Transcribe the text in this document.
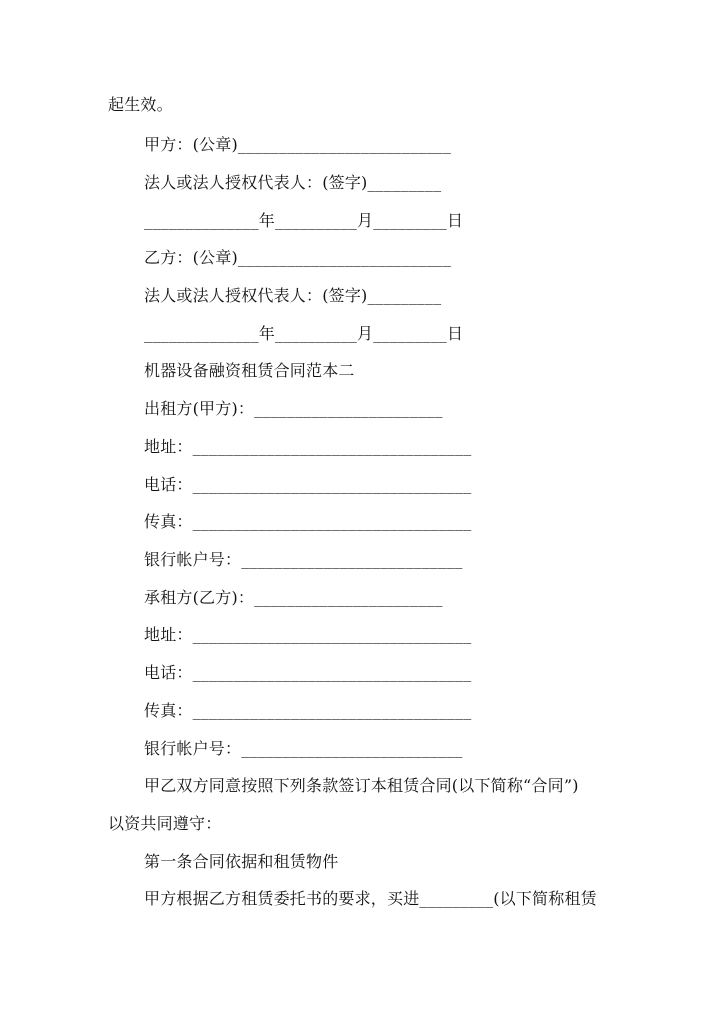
起生效。
甲方：(公章)__________________________
法人或法人授权代表人：(签字)_________
______________年__________月_________日
乙方：(公章)__________________________
法人或法人授权代表人：(签字)_________
______________年__________月_________日
机器设备融资租赁合同范本二
出租方(甲方)：_______________________
地址：__________________________________
电话：__________________________________
传真：__________________________________
银行帐户号：___________________________
承租方(乙方)：_______________________
地址：__________________________________
电话：__________________________________
传真：__________________________________
银行帐户号：___________________________
甲乙双方同意按照下列条款签订本租赁合同(以下简称“合同”)
以资共同遵守：
第一条合同依据和租赁物件
甲方根据乙方租赁委托书的要求，买进_________(以下简称租赁
